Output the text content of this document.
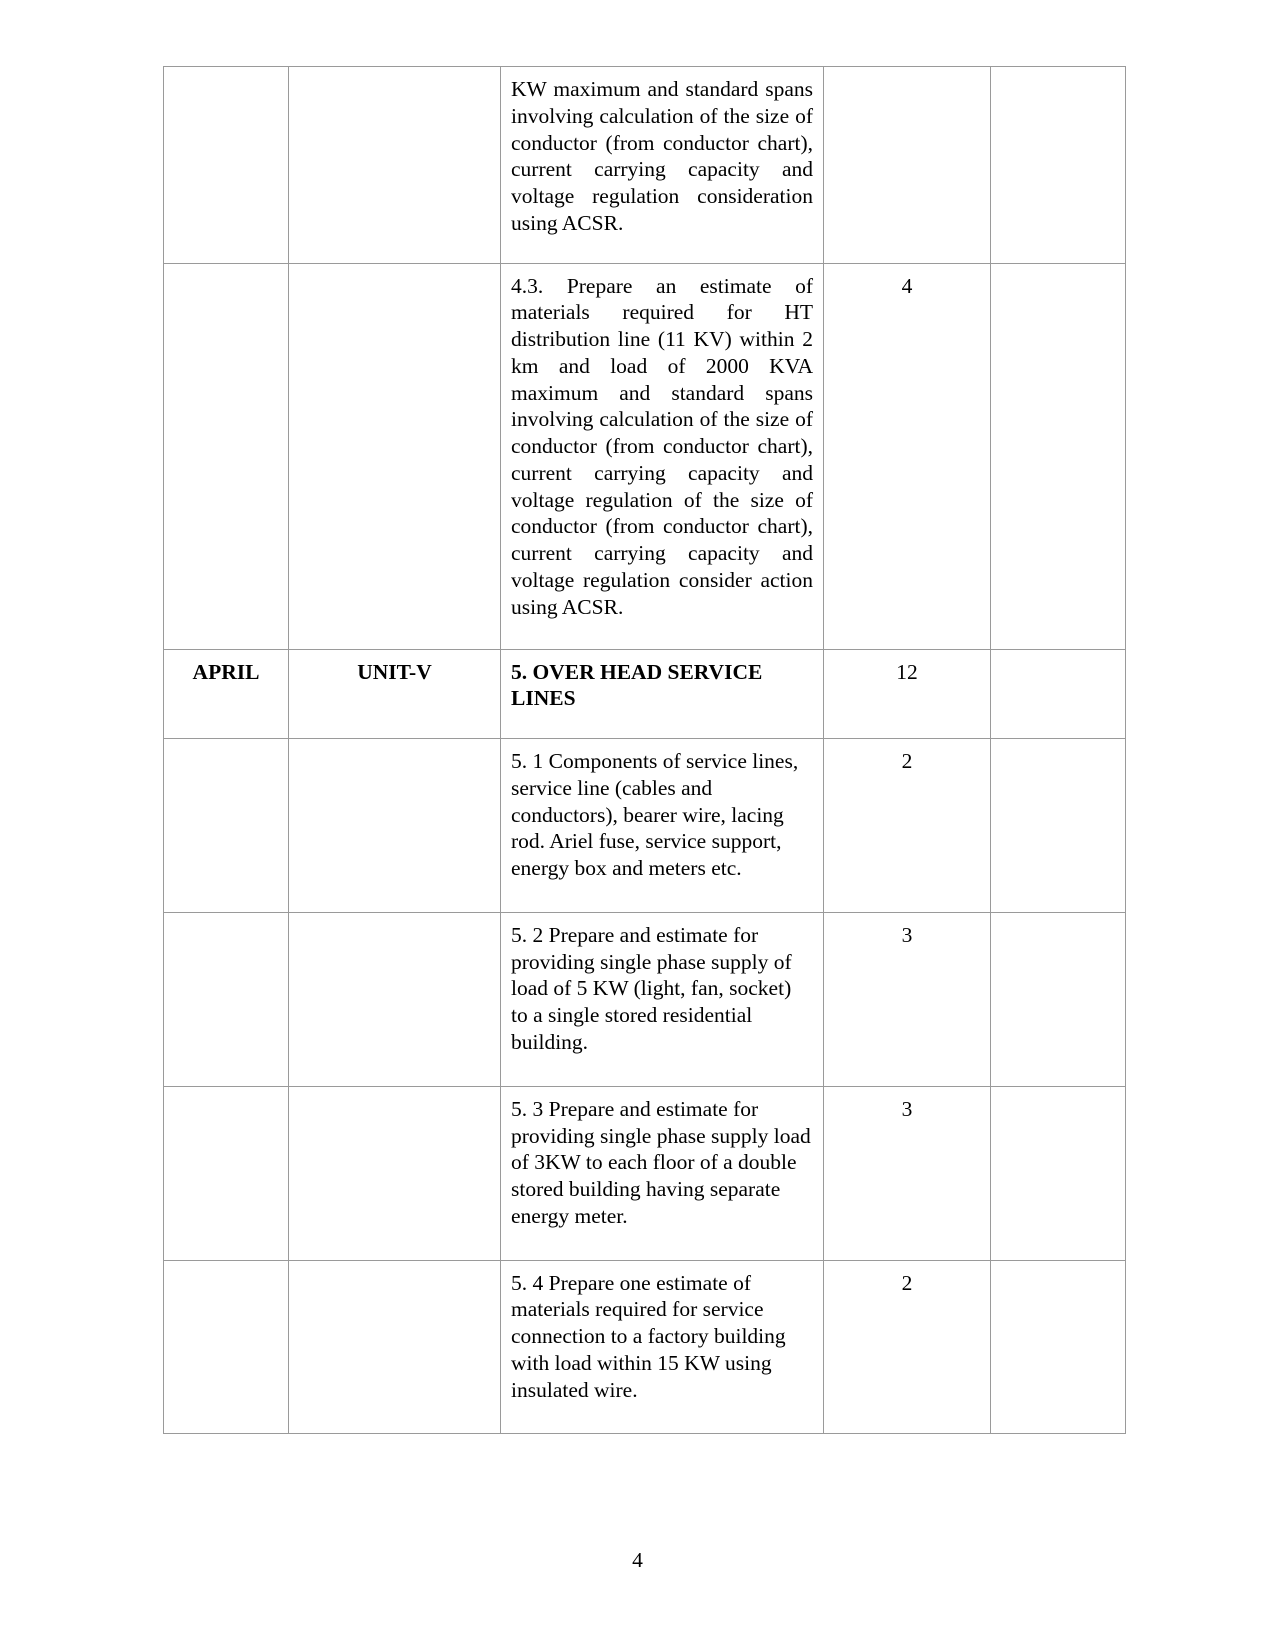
		KW maximum and standard spans involving calculation of the size of conductor (from conductor chart), current carrying capacity and voltage regulation consideration using ACSR.		
		4.3. Prepare an estimate of materials required for HT distribution line (11 KV) within 2 km and load of 2000 KVA maximum and standard spans involving calculation of the size of conductor (from conductor chart), current carrying capacity and voltage regulation of the size of conductor (from conductor chart), current carrying capacity and voltage regulation consider action using ACSR.	4	
APRIL	UNIT-V	5. OVER HEAD SERVICE LINES	12	
		5. 1 Components of service lines, service line (cables and conductors), bearer wire, lacing rod. Ariel fuse, service support, energy box and meters etc.	2	
		5. 2 Prepare and estimate for providing single phase supply of load of 5 KW (light, fan, socket) to a single stored residential building.	3	
		5. 3 Prepare and estimate for providing single phase supply load of 3KW to each floor of a double stored building having separate energy meter.	3	
		5. 4 Prepare one estimate of materials required for service connection to a factory building with load within 15 KW using insulated wire.	2	
4
